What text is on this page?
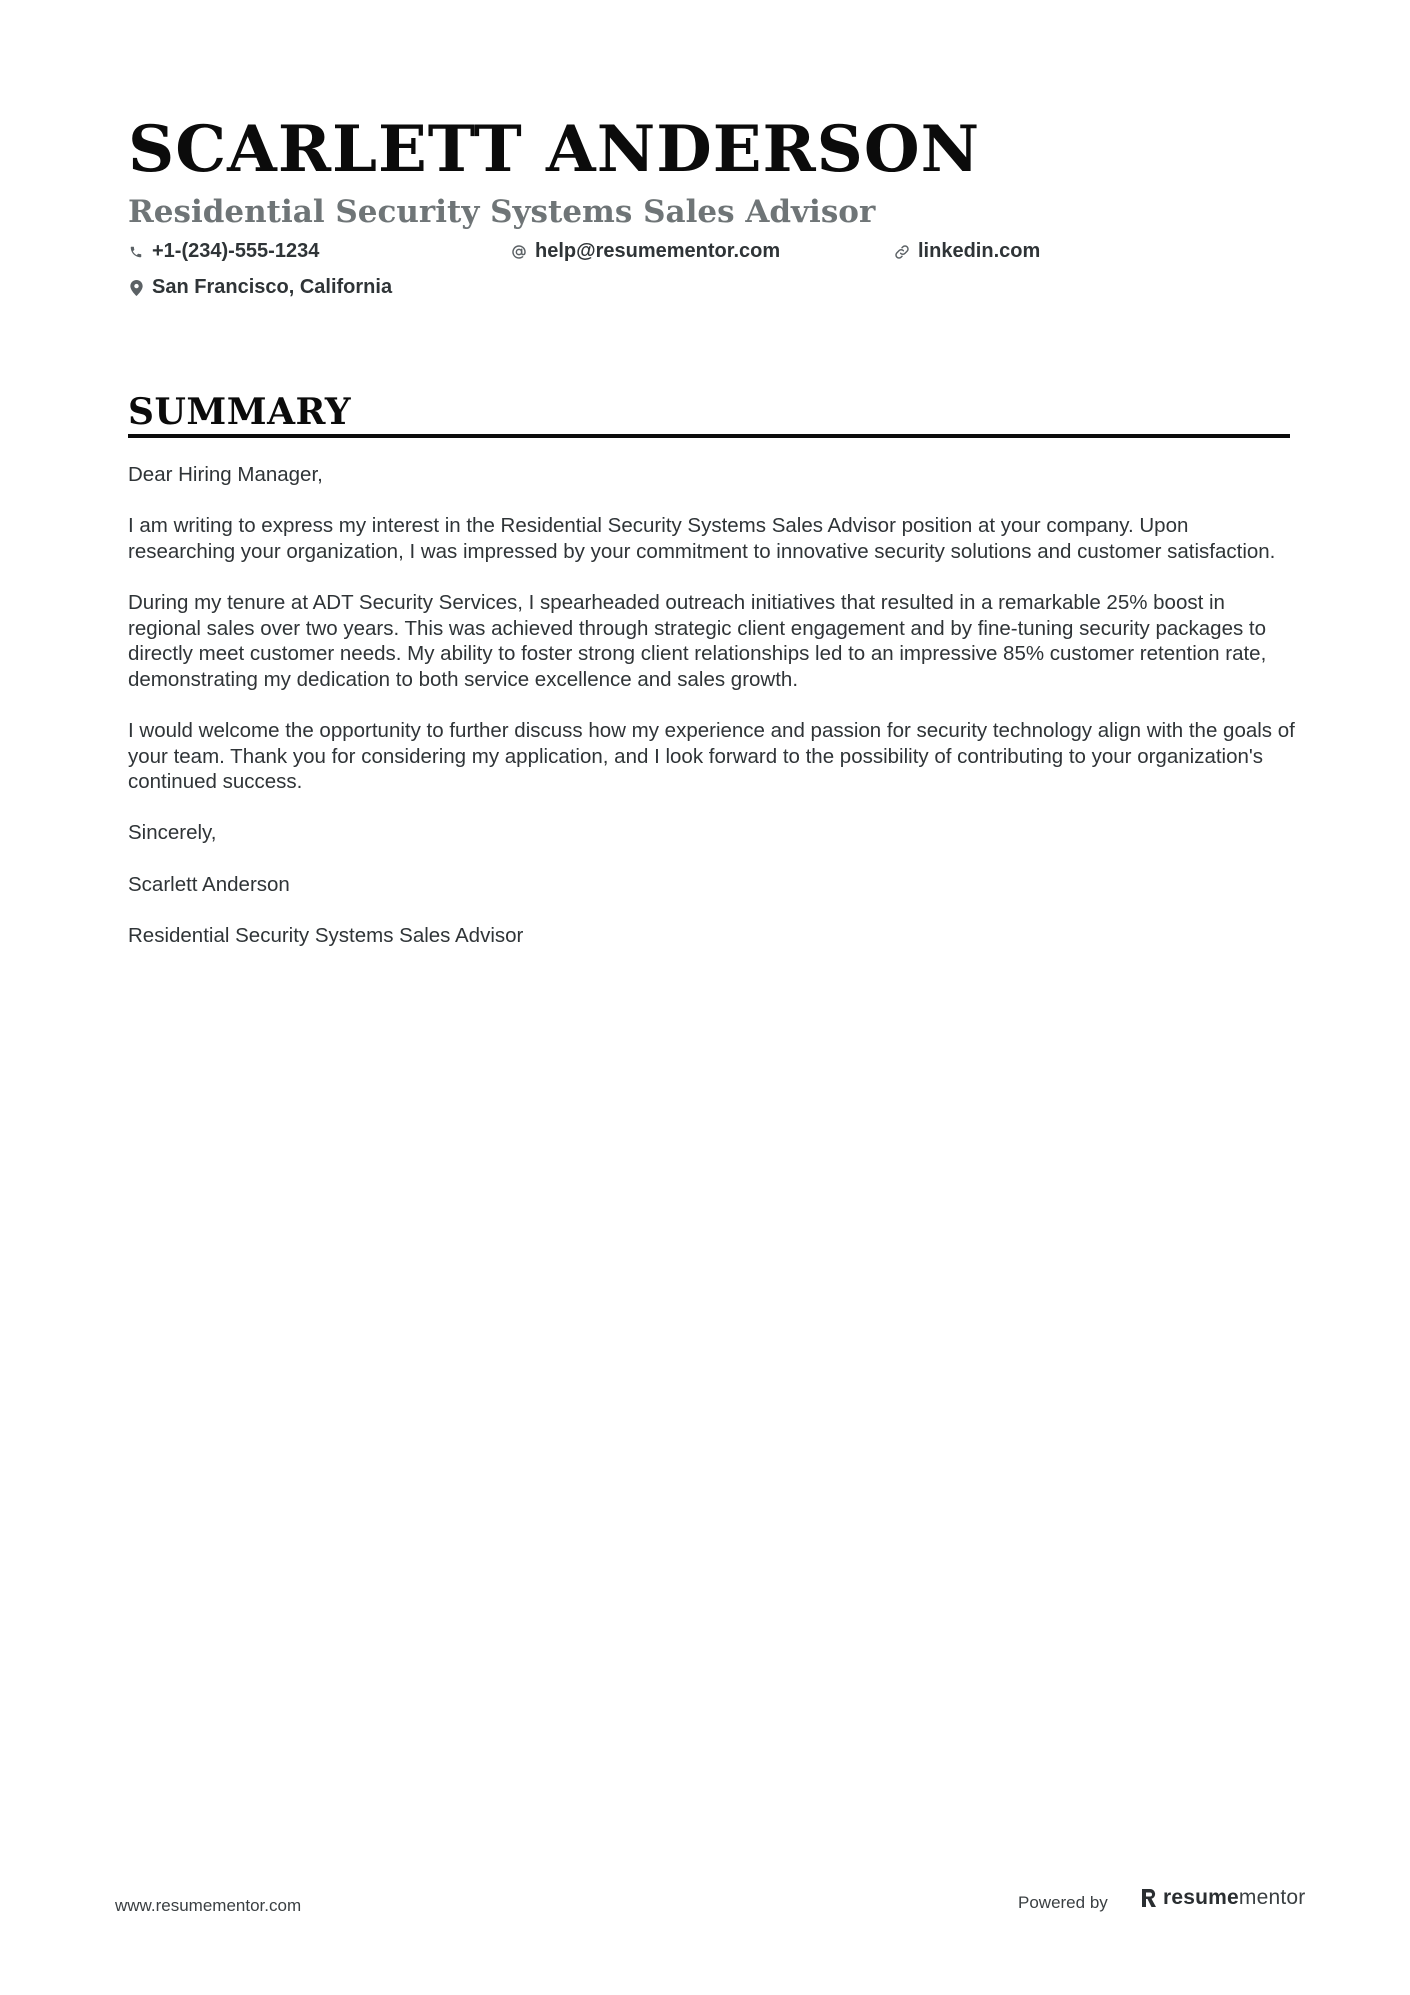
SCARLETT ANDERSON
Residential Security Systems Sales Advisor
+1-(234)-555-1234	help@resumementor.com	linkedin.com
San Francisco, California
SUMMARY

Dear Hiring Manager,

I am writing to express my interest in the Residential Security Systems Sales Advisor position at your company. Upon researching your organization, I was impressed by your commitment to innovative security solutions and customer satisfaction.

During my tenure at ADT Security Services, I spearheaded outreach initiatives that resulted in a remarkable 25% boost in regional sales over two years. This was achieved through strategic client engagement and by fine-tuning security packages to directly meet customer needs. My ability to foster strong client relationships led to an impressive 85% customer retention rate, demonstrating my dedication to both service excellence and sales growth.

I would welcome the opportunity to further discuss how my experience and passion for security technology align with the goals of your team. Thank you for considering my application, and I look forward to the possibility of contributing to your organization's continued success.

Sincerely,

Scarlett Anderson

Residential Security Systems Sales Advisor

www.resumementor.com	Powered by	resumementor
